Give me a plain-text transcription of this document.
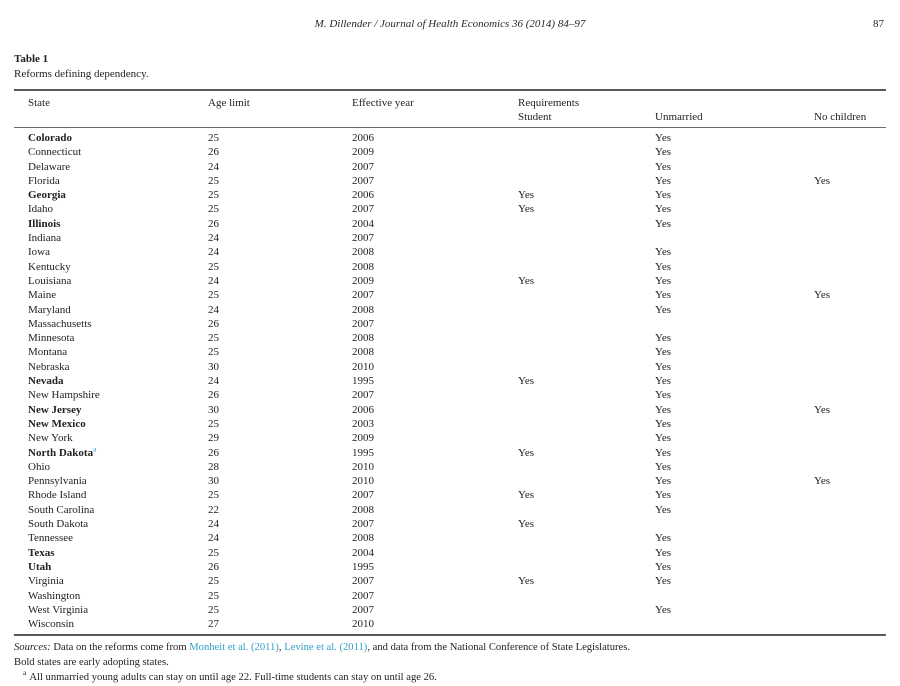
M. Dillender / Journal of Health Economics 36 (2014) 84–97	87
Table 1
Reforms defining dependency.
State	Age limit	Effective year	Requirements
Student	Unmarried	No children

Colorado	25	2006		Yes	
Connecticut	26	2009		Yes	
Delaware	24	2007		Yes	
Florida	25	2007		Yes	Yes
Georgia	25	2006	Yes	Yes	
Idaho	25	2007	Yes	Yes	
Illinois	26	2004		Yes	
Indiana	24	2007			
Iowa	24	2008		Yes	
Kentucky	25	2008		Yes	
Louisiana	24	2009	Yes	Yes	
Maine	25	2007		Yes	Yes
Maryland	24	2008		Yes	
Massachusetts	26	2007			
Minnesota	25	2008		Yes	
Montana	25	2008		Yes	
Nebraska	30	2010		Yes	
Nevada	24	1995	Yes	Yes	
New Hampshire	26	2007		Yes	
New Jersey	30	2006		Yes	Yes
New Mexico	25	2003		Yes	
New York	29	2009		Yes	
North Dakota$^a$	26	1995	Yes	Yes	
Ohio	28	2010		Yes	
Pennsylvania	30	2010		Yes	Yes
Rhode Island	25	2007	Yes	Yes	
South Carolina	22	2008		Yes	
South Dakota	24	2007	Yes		
Tennessee	24	2008		Yes	
Texas	25	2004		Yes	
Utah	26	1995		Yes	
Virginia	25	2007	Yes	Yes	
Washington	25	2007			
West Virginia	25	2007		Yes	
Wisconsin	27	2010			
Sources: Data on the reforms come from Monheit et al. (2011), Levine et al. (2011), and data from the National Conference of State Legislatures.
Bold states are early adopting states.
$^a$ All unmarried young adults can stay on until age 22. Full-time students can stay on until age 26.
